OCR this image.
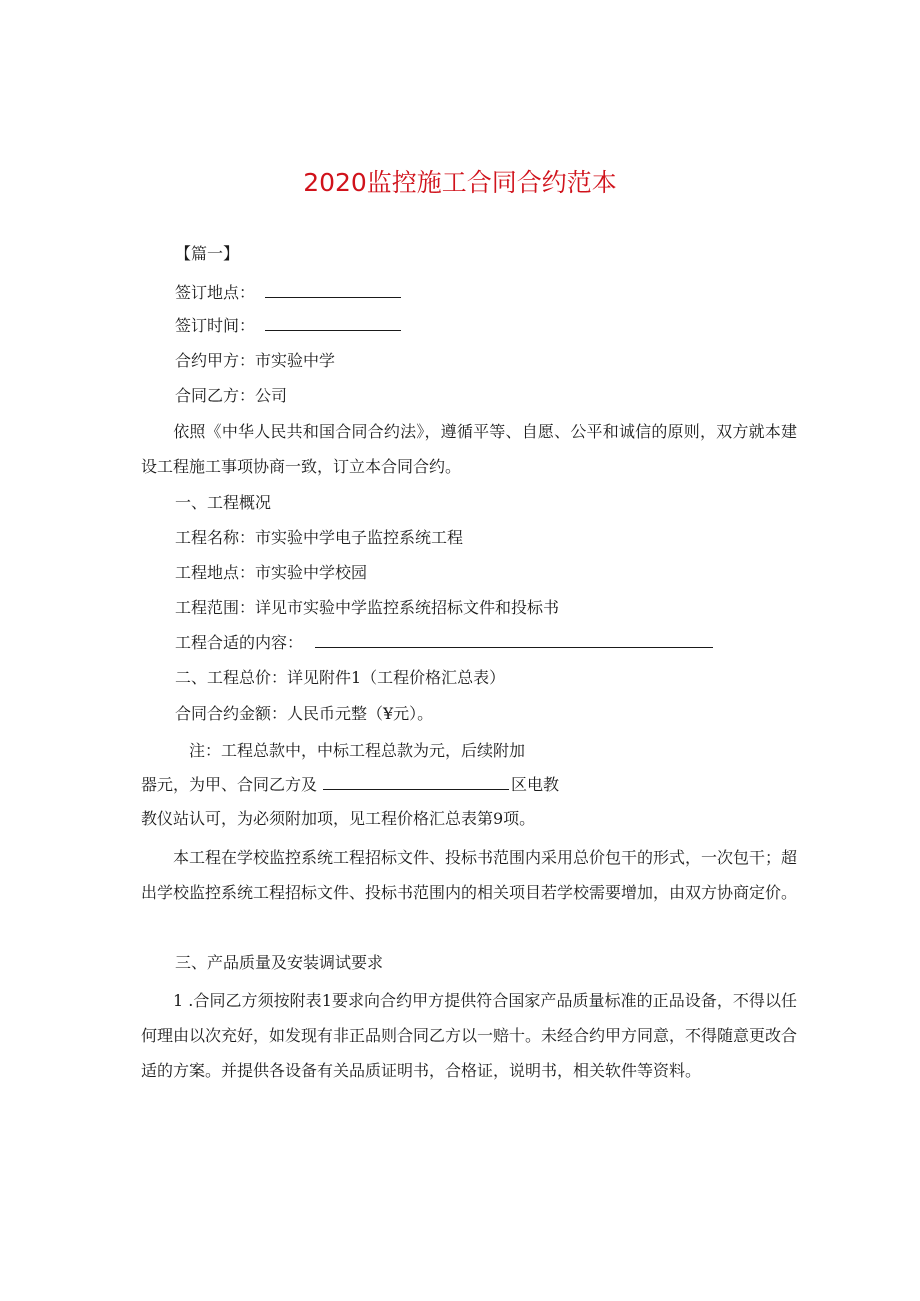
2020监控施工合同合约范本
【篇一】
签订地点：
签订时间：
合约甲方：市实验中学
合同乙方：公司
依照《中华人民共和国合同合约法》，遵循平等、自愿、公平和诚信的原则，双方就本建设工程施工事项协商一致，订立本合同合约。
一、工程概况
工程名称：市实验中学电子监控系统工程
工程地点：市实验中学校园
工程范围：详见市实验中学监控系统招标文件和投标书
工程合适的内容：
二、工程总价：详见附件1（工程价格汇总表）
合同合约金额：人民币元整（¥元）。
注：工程总款中，中标工程总款为元，后续附加
器元，为甲、合同乙方及	区电教
教仪站认可，为必须附加项，见工程价格汇总表第9项。
本工程在学校监控系统工程招标文件、投标书范围内采用总价包干的形式，一次包干；超出学校监控系统工程招标文件、投标书范围内的相关项目若学校需要增加，由双方协商定价。
三、产品质量及安装调试要求
1 .合同乙方须按附表1要求向合约甲方提供符合国家产品质量标准的正品设备，不得以任何理由以次充好，如发现有非正品则合同乙方以一赔十。未经合约甲方同意，不得随意更改合适的方案。并提供各设备有关品质证明书，合格证，说明书，相关软件等资料。
